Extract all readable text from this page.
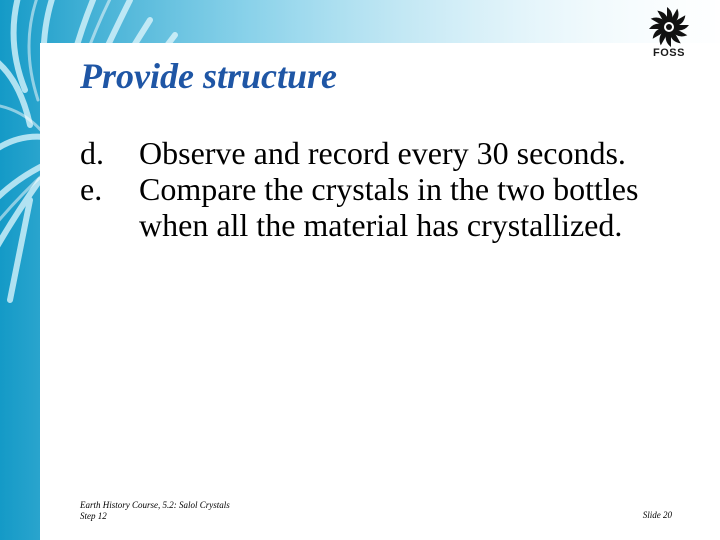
FOSS
Provide structure
d.	Observe and record every 30 seconds.
e.	Compare the crystals in the two bottles when all the material has crystallized.
Earth History Course, 5.2: Salol Crystals
Step 12	Slide 20
